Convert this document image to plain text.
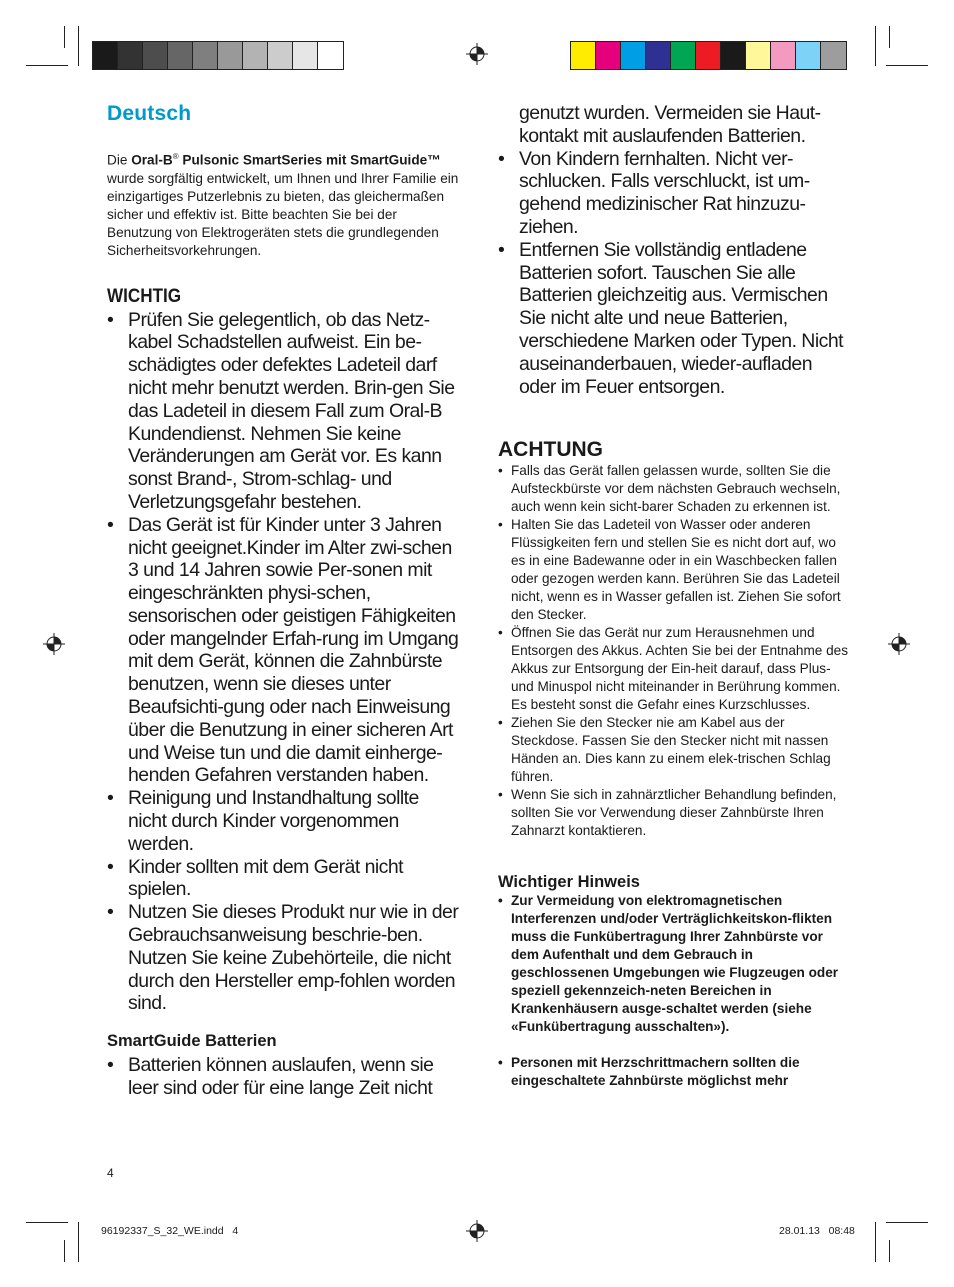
Deutsch

Die Oral-B® Pulsonic SmartSeries mit SmartGuide™ wurde sorgfältig entwickelt, um Ihnen und Ihrer Familie ein einzigartiges Putzerlebnis zu bieten, das gleichermaßen sicher und effektiv ist. Bitte beachten Sie bei der Benutzung von Elektrogeräten stets die grundlegenden Sicherheitsvorkehrungen.

WICHTIG
• Prüfen Sie gelegentlich, ob das Netz-kabel Schadstellen aufweist. Ein be-schädigtes oder defektes Ladeteil darf nicht mehr benutzt werden. Brin-gen Sie das Ladeteil in diesem Fall zum Oral-B Kundendienst. Nehmen Sie keine Veränderungen am Gerät vor. Es kann sonst Brand-, Strom-schlag- und Verletzungsgefahr bestehen.
• Das Gerät ist für Kinder unter 3 Jahren nicht geeignet.Kinder im Alter zwi-schen 3 und 14 Jahren sowie Per-sonen mit eingeschränkten physi-schen, sensorischen oder geistigen Fähigkeiten oder mangelnder Erfah-rung im Umgang mit dem Gerät, können die Zahnbürste benutzen, wenn sie dieses unter Beaufsichti-gung oder nach Einweisung über die Benutzung in einer sicheren Art und Weise tun und die damit einherge-henden Gefahren verstanden haben.
• Reinigung und Instandhaltung sollte nicht durch Kinder vorgenommen werden.
• Kinder sollten mit dem Gerät nicht spielen.
• Nutzen Sie dieses Produkt nur wie in der Gebrauchsanweisung beschrie-ben. Nutzen Sie keine Zubehörteile, die nicht durch den Hersteller emp-fohlen worden sind.
SmartGuide Batterien
• Batterien können auslaufen, wenn sie leer sind oder für eine lange Zeit nicht
genutzt wurden. Vermeiden sie Haut-kontakt mit auslaufenden Batterien.
• Von Kindern fernhalten. Nicht ver-schlucken. Falls verschluckt, ist um-gehend medizinischer Rat hinzuzu-ziehen.
• Entfernen Sie vollständig entladene Batterien sofort. Tauschen Sie alle Batterien gleichzeitig aus. Vermischen Sie nicht alte und neue Batterien, verschiedene Marken oder Typen. Nicht auseinanderbauen, wieder-aufladen oder im Feuer entsorgen.
ACHTUNG
• Falls das Gerät fallen gelassen wurde, sollten Sie die Aufsteckbürste vor dem nächsten Gebrauch wechseln, auch wenn kein sicht-barer Schaden zu erkennen ist.
• Halten Sie das Ladeteil von Wasser oder anderen Flüssigkeiten fern und stellen Sie es nicht dort auf, wo es in eine Badewanne oder in ein Waschbecken fallen oder gezogen werden kann. Berühren Sie das Ladeteil nicht, wenn es in Wasser gefallen ist. Ziehen Sie sofort den Stecker.
• Öffnen Sie das Gerät nur zum Herausnehmen und Entsorgen des Akkus. Achten Sie bei der Entnahme des Akkus zur Entsorgung der Ein-heit darauf, dass Plus- und Minuspol nicht miteinander in Berührung kommen. Es besteht sonst die Gefahr eines Kurzschlusses.
• Ziehen Sie den Stecker nie am Kabel aus der Steckdose. Fassen Sie den Stecker nicht mit nassen Händen an. Dies kann zu einem elek-trischen Schlag führen.
• Wenn Sie sich in zahnärztlicher Behandlung befinden, sollten Sie vor Verwendung dieser Zahnbürste Ihren Zahnarzt kontaktieren.
Wichtiger Hinweis
• Zur Vermeidung von elektromagnetischen Interferenzen und/oder Verträglichkeitskon-flikten muss die Funkübertragung Ihrer Zahnbürste vor dem Aufenthalt und dem Gebrauch in geschlossenen Umgebungen wie Flugzeugen oder speziell gekennzeich-neten Bereichen in Krankenhäusern ausge-schaltet werden (siehe «Funkübertragung ausschalten»).
• Personen mit Herzschrittmachern sollten die eingeschaltete Zahnbürste möglichst mehr
4
96192337_S_32_WE.indd   4	28.01.13   08:48
